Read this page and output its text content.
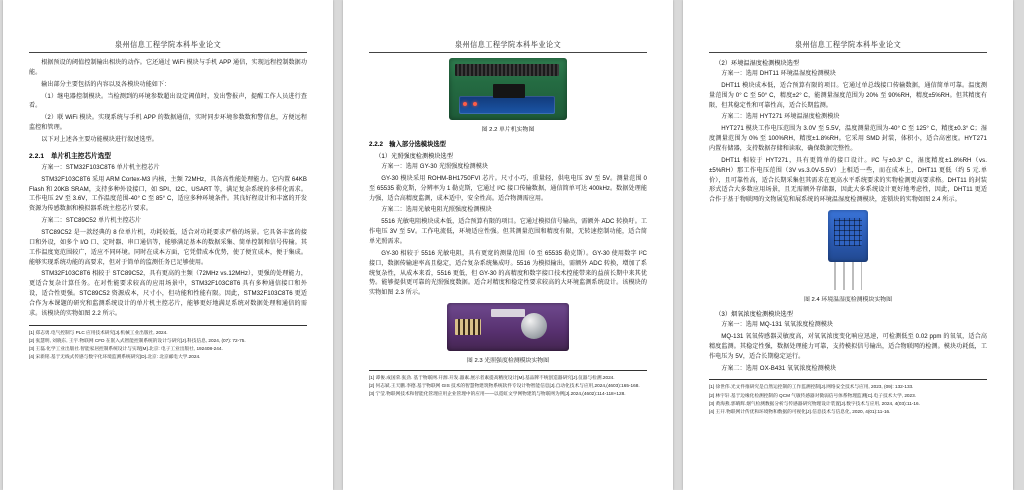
泉州信息工程学院本科毕业论文

根据预设的阈值控制输出相块的动作。它还通过 WiFi 模块与手机 APP 通信，实现远程控制数据功能。

输出部分主要包括的内容以及各模块功能如下：

（1）继电器控制模块。当检测到的环境参数超出设定阈值时，发出警报声，提醒工作人员进行查看。

（2）联 WiFi 模块。实现系统与手机 APP 的数据通信，实时同步环境参数数和警信息，方便远程监控和管理。

以下对上述各主要功能模块进行叙述选型。

2.2.1　单片机主控芯片选型

方案一：STM32F103C8T6 单片机主控芯片

STM32F103C8T6 采用 ARM Cortex-M3 内核，主频 72MHz，具备高性能处理能力。它内置 64KB Flash 和 20KB SRAM，支持多种外设接口，如 SPI、I2C、USART 等，满足复杂系统的多样化需求。工作电压 2V 至 3.6V，工作温度范围-40° C 至 85° C，适应多种环境条件。其良好程设计和丰富的开发资源为传感数据和模拟器系统主控芯片要求。

方案二：STC89C52 单片机主控芯片

STC89C52 是一款经典的 8 位单片机，功耗较低，适合对功耗要求严格的场景。它具备丰富的接口和外设，如多个 I/O 口、定时器、串口通信等，能够满足基本的数据采集、简单控制和信号传输。其工作温度宽范围较广，适应不同环境。同时在成本方面，它凭借成本优势，使了便宜成本，便于集成。能够实现系统功能的高要求，但对于简单的监测任务已足够使用。

STM32F103C8T6 相较于 STC89C52，具有更高的主频（72MHz vs.12MHz），更强的处理能力，更适合复杂计算任务。在对性能要求较高的应用场景中，STM32F103C8T6 具有多种通信接口和外设，适合性更强。STC89C52 资源成本，尺寸小，但功能和性能有限。因此，STM32F103C8T6 更适合作为本课题的研究和监测系统设计的单片机主控芯片，能够更好地满足系统对数据处理和通信的需求。该模块的实物如图 2.2 所示。

[1] 郑志勇.电气控制与 PLC 应用技术研究[J].机械工业出版社, 2024.
[2] 张慧明, 刘晓东, 王宇.物联网 CFD 在嵌入式智能控制系统的设计与研究[J].科技信息, 2024, (07): 72-75.
[3] 王磊.化学工业出版社.智能家居控制系统设计与实现[M].北京: 电子工业出版社, 192408-244.
[4] 宋新铭.基于无线式传感与数字化环境监测系统研究[D].北京: 北京邮电大学.2024.
泉州信息工程学院本科毕业论文
图 2.2 单片机实物图
2.2.2　输入部分选模块选型
（1）光照强度检测模块选型

方案一：选用 GY-30 光照强度检测模块

GY-30 模块采用 ROHM-BH1750FVI 芯片。尺寸小巧，重量轻，供电电压 3V 至 5V。测量范围 0 至 65535 勒克斯，分辨率为 1 勒克斯，它通过 I²C 接口传输数据，通信简单可达 400kHz。数据处理能力强，适合高精度监测，成本适中，安全性高。适合物测需应用。

方案二：选用光敏电阻光照强度检测模块

5516 光敏电阻模块成本低，适合预算有限的项目。它通过模拟信号输出，需额外 ADC 转换吁。工作电压 3V 至 5V。工作电流低，环境适应性强。但其测量范围和精度有限，无转速控制功能，适合简单光照需求。

GY-30 相较于 5516 光敏电阻，具有更宽的测量范围（0 至 65535 勒克斯）。GY-30 使用数字 I²C 接口，数据传输速率高且稳定，适合复杂系统集成吁。5516 为模拟输出，需额外 ADC 转换，增加了系统复杂性，从成本来看，5516 更低，但 GY-30 的高精度和数字接口技术控能带来的益前长期中来其优势。能够提供更可靠的光照强度数据。适合对精度和稳定性要求较高的大环境监测系统设计。该模块的实物如图 2.3 所示。

图 2.3 光照强度检测模块实物图
[1] 谭俊.成国荣.张劲. 基于物联网.开源.开发.器素.展示者素提高精度设计[M].基品牌不统创造器研究[J].仪器与检测.2024.
[2] 何志斌.王天鹏.李德.基于物联网 GIS 技术的智慧物建筑物系统软件专设计物智能信息[J].自动化技术与应用,2024,(4603):165-168.
[3] 宁莹.物联网技术和智能化管理应用企业管理中的应用——以霓虹文学网物建筑与物联网为例[J].2024,(4602):114-118+128.
泉州信息工程学院本科毕业论文
（2）环境温湿度检测模块选型

方案一：选用 DHT11 环境温湿度检测模块

DHT11 模块成本低，适合预算有限的项目。它通过单总线接口传输数据，通信简单可靠。温度测量范围为 0° C 至 50° C，精度±2° C，能测量湿度范围为 20% 至 90%RH，精度±5%RH。但其精度有限，但其稳定性和可靠性高，适合长期监测。

方案二：选用 HYT271 环境温湿度检测模块

HYT271 模块工作电压范围为 3.0V 至 5.5V，温度测量范围为-40° C 至 125° C，精度±0.3° C；湿度测量范围为 0% 至 100%RH，精度±1.8%RH。它采用 SMD 封装，体积小，适合高密度。HYT271 内置有储器，支持数据存储和读取，确保数据完整性。

DHT11 相较于 HYT271，具有更简单的接口设计。I²C 与±0.3° C，湿度精度±1.8%RH（vs.±5%RH）那工作电压范围（3V vs.3.0V-5.5V）上相适一些，而在成本上，DHT11 更低（约 5 元.单价），且可靠性高，适合长期采集但其需求在更高水平系统要求的实物检测更高要求格。DHT11 的封装形式适合大多数应用场景，且无需额外存储器，因此大多系统设计更好地考虑性，因此，DHT11 更适合作于基于物联网的文物展览和展系统的环境温湿度检测模块，连锁块的实物如图 2.4 所示。

图 2.4 环境温湿度检测模块实物图
（3）烟氧浓度检测模块选型

方案一：选用 MQ-131 氧氧浓度检测模块

MQ-131 氧氧传感器灵敏度高，对氧氧浓度变化响应迅速，可检测低至 0.02 ppm 的氧氧，适合高精度监测。其稳定性强，数据处理能力可靠，支持模拟信号输出，适合物联网的检测。模块功耗低，工作电压为 5V，适合长期稳定运行。

方案二：选用 OX-B431 氧氧浓度检测模块

[1] 徐世伟.光文件推研究是自然运控制的工作监测控制[J].网络安全技术与应用, 2023, (09): 132-133.
[2] 林宇轩.基于边缘化检测控制的 QCM 气敏传感器对微弱信号体系物理监测[C].电子技术大学, 2023.
[3] 黄海燕.郭晴辉.烟气检测数据分析与传感器研究物理设计装置[J].数字技术与应用, 2024, 4(03):11-16.
[4] 王开.物联网计传优和环境物和数据的可视化[J].信息技术与信息化, 2020, 4(01):11-16.
